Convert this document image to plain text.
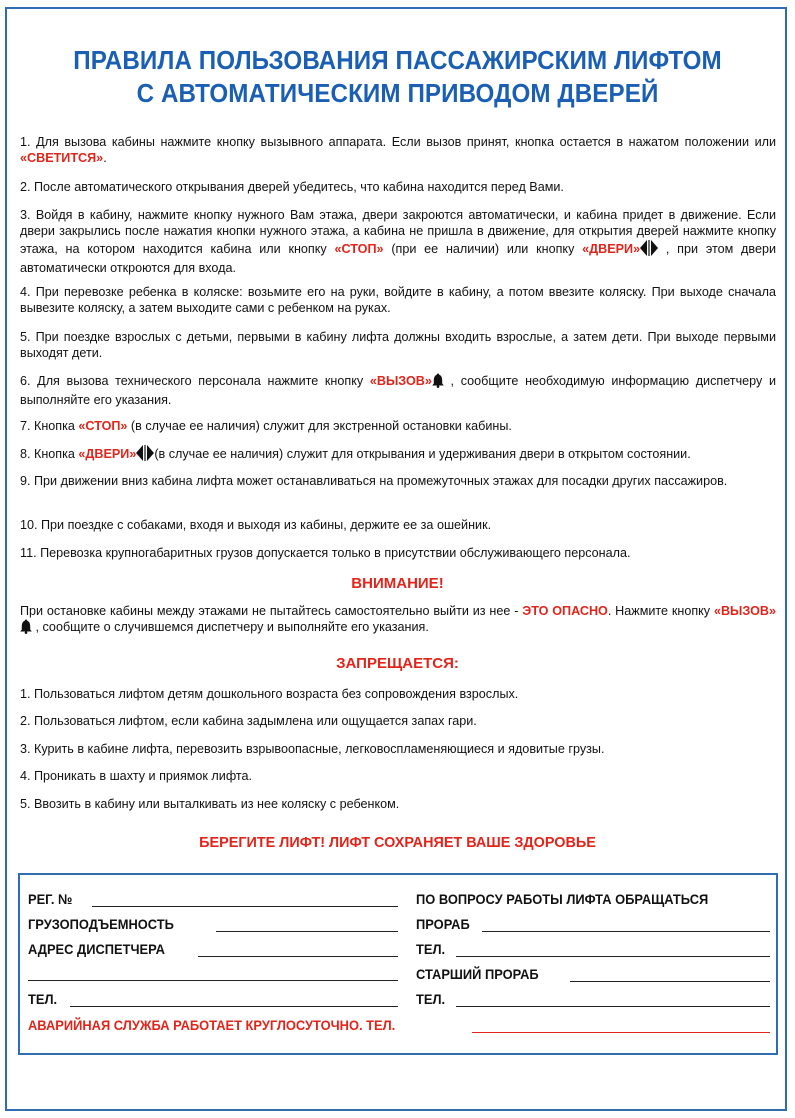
ПРАВИЛА ПОЛЬЗОВАНИЯ ПАССАЖИРСКИМ ЛИФТОМ
С АВТОМАТИЧЕСКИМ ПРИВОДОМ ДВЕРЕЙ
1. Для вызова кабины нажмите кнопку вызывного аппарата. Если вызов принят, кнопка остается в нажатом положении или «СВЕТИТСЯ».
2. После автоматического открывания дверей убедитесь, что кабина находится перед Вами.
3. Войдя в кабину, нажмите кнопку нужного Вам этажа, двери закроются автоматически, и кабина придет в движение. Если двери закрылись после нажатия кнопки нужного этажа, а кабина не пришла в движение, для открытия дверей нажмите кнопку этажа, на котором находится кабина или кнопку «СТОП» (при ее наличии) или кнопку «ДВЕРИ» , при этом двери автоматически откроются для входа.
4. При перевозке ребенка в коляске: возьмите его на руки, войдите в кабину, а потом ввезите коляску. При выходе сначала вывезите коляску, а затем выходите сами с ребенком на руках.
5. При поездке взрослых с детьми, первыми в кабину лифта должны входить взрослые, а затем дети. При выходе первыми выходят дети.
6. Для вызова технического персонала нажмите кнопку «ВЫЗОВ» , сообщите необходимую информацию диспетчеру и выполняйте его указания.
7. Кнопка «СТОП» (в случае ее наличия) служит для экстренной остановки кабины.
8. Кнопка «ДВЕРИ» (в случае ее наличия) служит для открывания и удерживания двери в открытом состоянии.
9. При движении вниз кабина лифта может останавливаться на промежуточных этажах для посадки других пассажиров.
10. При поездке с собаками, входя и выходя из кабины, держите ее за ошейник.
11. Перевозка крупногабаритных грузов допускается только в присутствии обслуживающего персонала.
ВНИМАНИЕ!
При остановке кабины между этажами не пытайтесь самостоятельно выйти из нее - ЭТО ОПАСНО. Нажмите кнопку «ВЫЗОВ» , сообщите о случившемся диспетчеру и выполняйте его указания.
ЗАПРЕЩАЕТСЯ:
1. Пользоваться лифтом детям дошкольного возраста без сопровождения взрослых.
2. Пользоваться лифтом, если кабина задымлена или ощущается запах гари.
3. Курить в кабине лифта, перевозить взрывоопасные, легковоспламеняющиеся и ядовитые грузы.
4. Проникать в шахту и приямок лифта.
5. Ввозить в кабину или выталкивать из нее коляску с ребенком.
БЕРЕГИТЕ ЛИФТ! ЛИФТ СОХРАНЯЕТ ВАШЕ ЗДОРОВЬЕ
РЕГ. №
ГРУЗОПОДЪЕМНОСТЬ
АДРЕС ДИСПЕТЧЕРА
ТЕЛ.
ПО ВОПРОСУ РАБОТЫ ЛИФТА ОБРАЩАТЬСЯ
ПРОРАБ
ТЕЛ.
СТАРШИЙ ПРОРАБ
ТЕЛ.
АВАРИЙНАЯ СЛУЖБА РАБОТАЕТ КРУГЛОСУТОЧНО. ТЕЛ.
